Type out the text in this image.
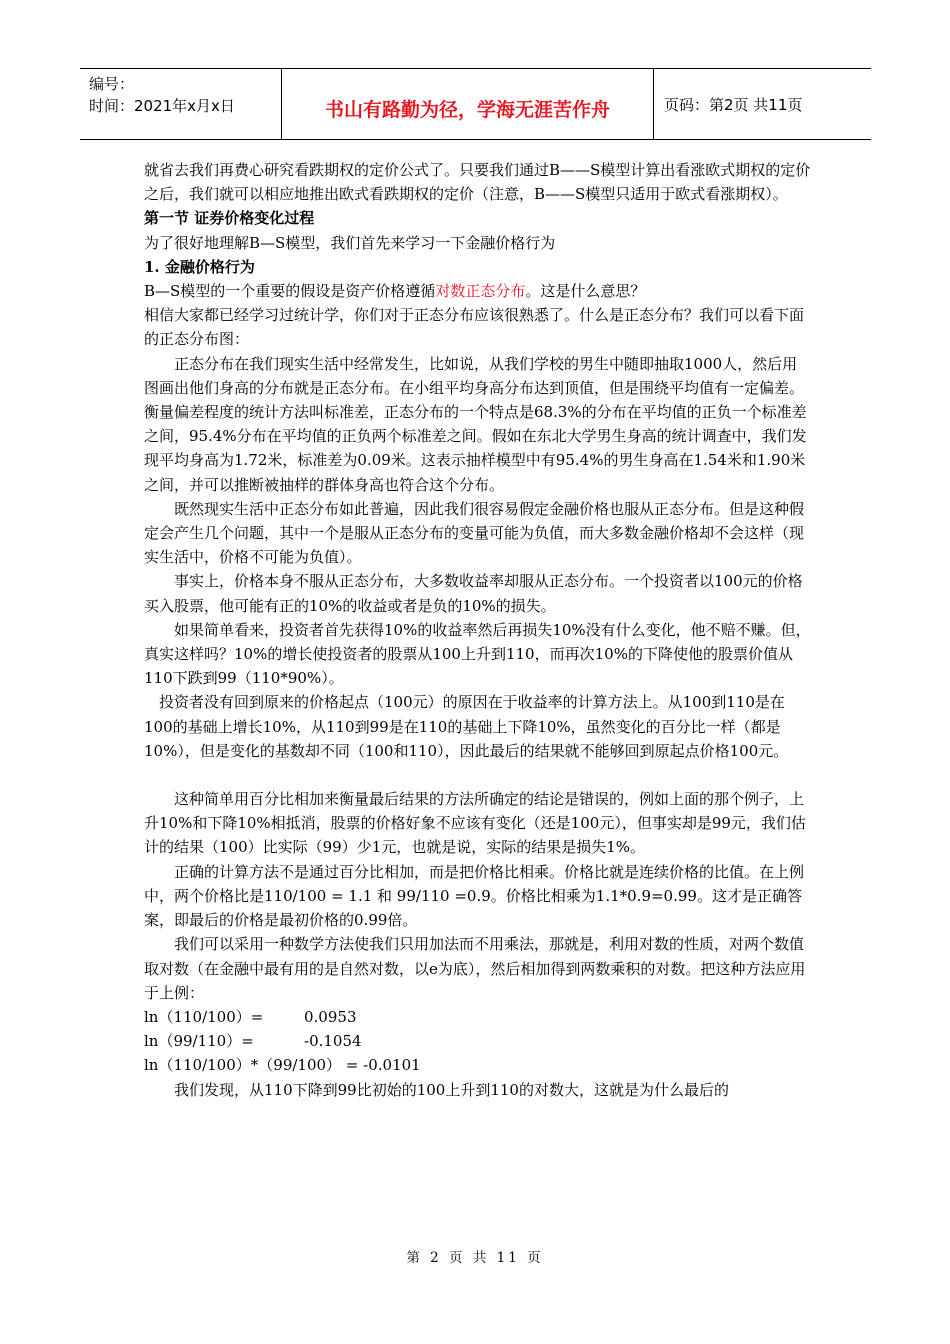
编号：
时间：2021年x月x日	书山有路勤为径，学海无涯苦作舟	页码：第2页 共11页

就省去我们再费心研究看跌期权的定价公式了。只要我们通过B——S模型计算出看涨欧式期权的定价之后，我们就可以相应地推出欧式看跌期权的定价（注意，B——S模型只适用于欧式看涨期权）。

第一节 证券价格变化过程

为了很好地理解B—S模型，我们首先来学习一下金融价格行为

1. 金融价格行为

B—S模型的一个重要的假设是资产价格遵循对数正态分布。这是什么意思？

相信大家都已经学习过统计学，你们对于正态分布应该很熟悉了。什么是正态分布？我们可以看下面的正态分布图：

正态分布在我们现实生活中经常发生，比如说，从我们学校的男生中随即抽取1000人，然后用图画出他们身高的分布就是正态分布。在小组平均身高分布达到顶值，但是围绕平均值有一定偏差。衡量偏差程度的统计方法叫标准差，正态分布的一个特点是68.3%的分布在平均值的正负一个标准差之间，95.4%分布在平均值的正负两个标准差之间。假如在东北大学男生身高的统计调查中，我们发现平均身高为1.72米，标准差为0.09米。这表示抽样模型中有95.4%的男生身高在1.54米和1.90米之间，并可以推断被抽样的群体身高也符合这个分布。

既然现实生活中正态分布如此普遍，因此我们很容易假定金融价格也服从正态分布。但是这种假定会产生几个问题，其中一个是服从正态分布的变量可能为负值，而大多数金融价格却不会这样（现实生活中，价格不可能为负值）。

事实上，价格本身不服从正态分布，大多数收益率却服从正态分布。一个投资者以100元的价格买入股票，他可能有正的10%的收益或者是负的10%的损失。

如果简单看来，投资者首先获得10%的收益率然后再损失10%没有什么变化，他不赔不赚。但，真实这样吗？10%的增长使投资者的股票从100上升到110，而再次10%的下降使他的股票价值从110下跌到99（110*90%）。

投资者没有回到原来的价格起点（100元）的原因在于收益率的计算方法上。从100到110是在100的基础上增长10%，从110到99是在110的基础上下降10%，虽然变化的百分比一样（都是10%），但是变化的基数却不同（100和110），因此最后的结果就不能够回到原起点价格100元。

这种简单用百分比相加来衡量最后结果的方法所确定的结论是错误的，例如上面的那个例子，上升10%和下降10%相抵消，股票的价格好象不应该有变化（还是100元），但事实却是99元，我们估计的结果（100）比实际（99）少1元，也就是说，实际的结果是损失1%。

正确的计算方法不是通过百分比相加，而是把价格比相乘。价格比就是连续价格的比值。在上例中，两个价格比是110/100 = 1.1 和 99/110 =0.9。价格比相乘为1.1*0.9=0.99。这才是正确答案，即最后的价格是最初价格的0.99倍。

我们可以采用一种数学方法使我们只用加法而不用乘法，那就是，利用对数的性质，对两个数值取对数（在金融中最有用的是自然对数，以e为底），然后相加得到两数乘积的对数。把这种方法应用于上例：

ln（110/100）=	0.0953
ln（99/110）=	-0.1054

ln（110/100）*（99/100） = -0.0101

我们发现，从110下降到99比初始的100上升到110的对数大，这就是为什么最后的

第 2 页 共 11 页
